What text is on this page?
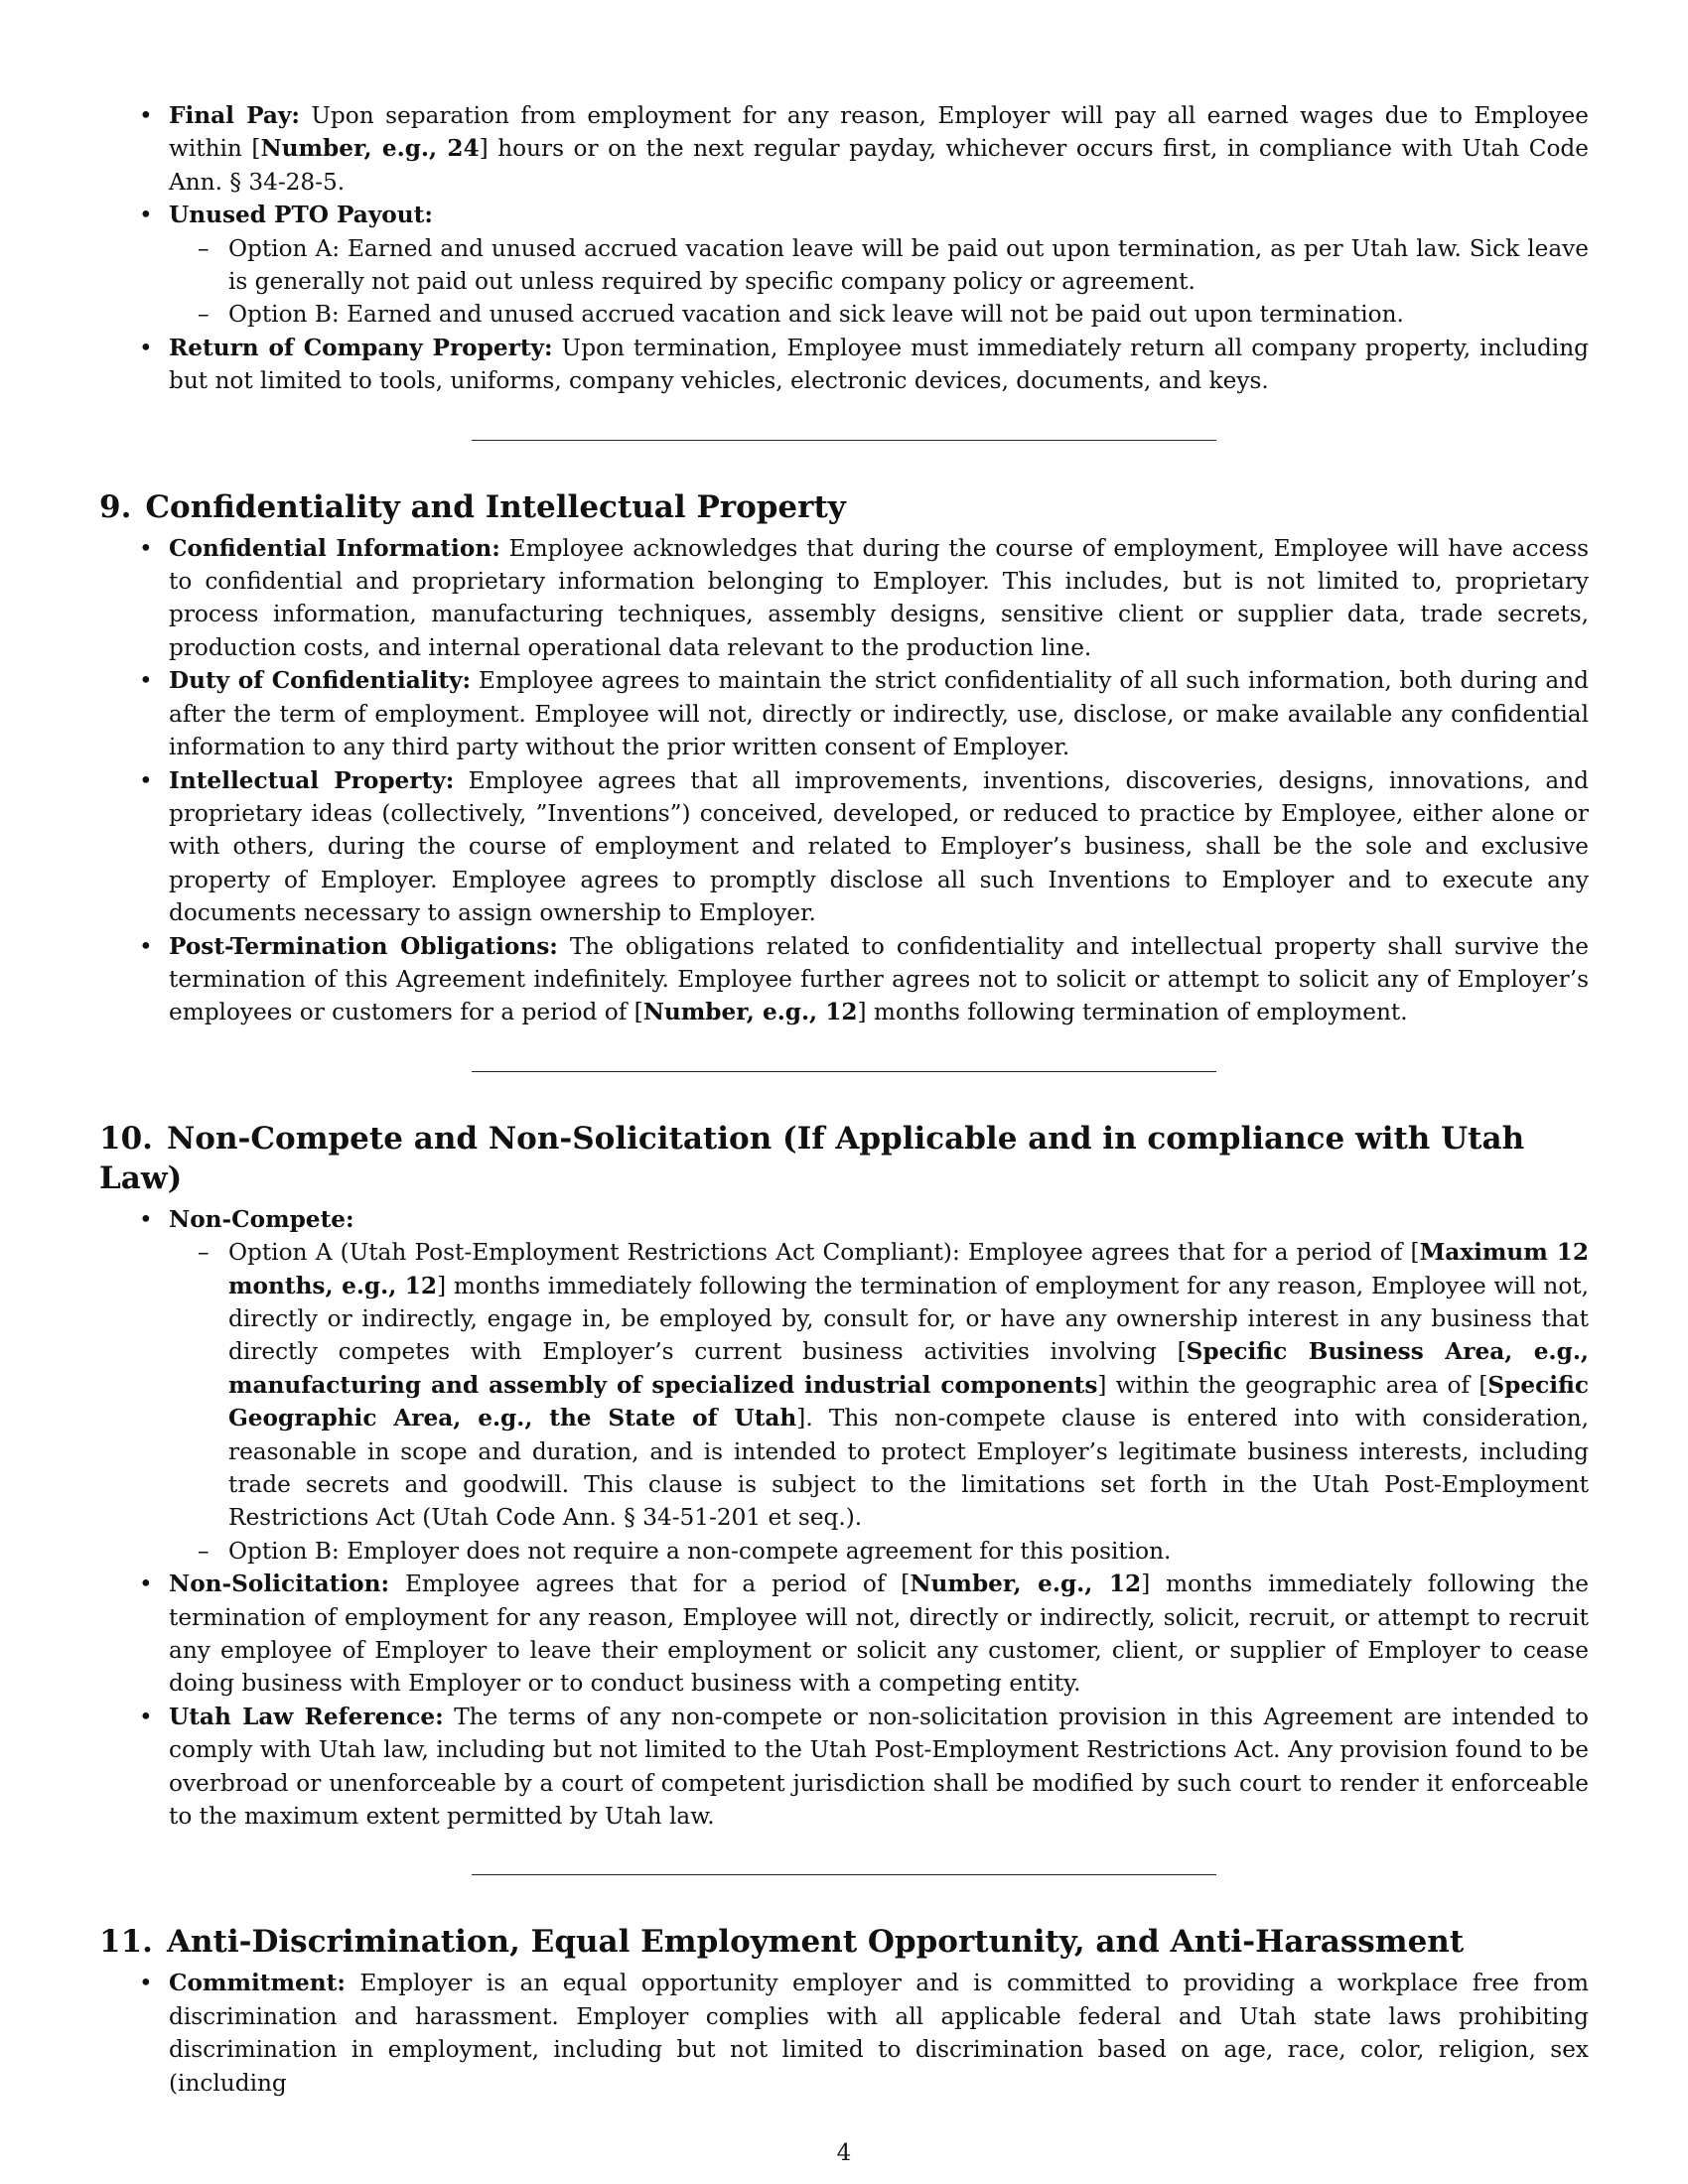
• Final Pay: Upon separation from employment for any reason, Employer will pay all earned wages due to Employee within [Number, e.g., 24] hours or on the next regular payday, whichever occurs first, in compliance with Utah Code Ann. § 34-28-5.
• Unused PTO Payout:
– Option A: Earned and unused accrued vacation leave will be paid out upon termination, as per Utah law. Sick leave is generally not paid out unless required by specific company policy or agreement.
– Option B: Earned and unused accrued vacation and sick leave will not be paid out upon termination.
• Return of Company Property: Upon termination, Employee must immediately return all company property, including but not limited to tools, uniforms, company vehicles, electronic devices, documents, and keys.
9. Confidentiality and Intellectual Property
• Confidential Information: Employee acknowledges that during the course of employment, Employee will have access to confidential and proprietary information belonging to Employer. This includes, but is not limited to, proprietary process information, manufacturing techniques, assembly designs, sensitive client or supplier data, trade secrets, production costs, and internal operational data relevant to the production line.
• Duty of Confidentiality: Employee agrees to maintain the strict confidentiality of all such information, both during and after the term of employment. Employee will not, directly or indirectly, use, disclose, or make available any confidential information to any third party without the prior written consent of Employer.
• Intellectual Property: Employee agrees that all improvements, inventions, discoveries, designs, innovations, and proprietary ideas (collectively, ”Inventions”) conceived, developed, or reduced to practice by Employee, either alone or with others, during the course of employment and related to Employer’s business, shall be the sole and exclusive property of Employer. Employee agrees to promptly disclose all such Inventions to Employer and to execute any documents necessary to assign ownership to Employer.
• Post-Termination Obligations: The obligations related to confidentiality and intellectual property shall survive the termination of this Agreement indefinitely. Employee further agrees not to solicit or attempt to solicit any of Employer’s employees or customers for a period of [Number, e.g., 12] months following termination of employment.
10. Non-Compete and Non-Solicitation (If Applicable and in compliance with Utah Law)
• Non-Compete:
– Option A (Utah Post-Employment Restrictions Act Compliant): Employee agrees that for a period of [Maximum 12 months, e.g., 12] months immediately following the termination of employment for any reason, Employee will not, directly or indirectly, engage in, be employed by, consult for, or have any ownership interest in any business that directly competes with Employer’s current business activities involving [Specific Business Area, e.g., manufacturing and assembly of specialized industrial components] within the geographic area of [Specific Geographic Area, e.g., the State of Utah]. This non-compete clause is entered into with consideration, reasonable in scope and duration, and is intended to protect Employer’s legitimate business interests, including trade secrets and goodwill. This clause is subject to the limitations set forth in the Utah Post-Employment Restrictions Act (Utah Code Ann. § 34-51-201 et seq.).
– Option B: Employer does not require a non-compete agreement for this position.
• Non-Solicitation: Employee agrees that for a period of [Number, e.g., 12] months immediately following the termination of employment for any reason, Employee will not, directly or indirectly, solicit, recruit, or attempt to recruit any employee of Employer to leave their employment or solicit any customer, client, or supplier of Employer to cease doing business with Employer or to conduct business with a competing entity.
• Utah Law Reference: The terms of any non-compete or non-solicitation provision in this Agreement are intended to comply with Utah law, including but not limited to the Utah Post-Employment Restrictions Act. Any provision found to be overbroad or unenforceable by a court of competent jurisdiction shall be modified by such court to render it enforceable to the maximum extent permitted by Utah law.
11. Anti-Discrimination, Equal Employment Opportunity, and Anti-Harassment
• Commitment: Employer is an equal opportunity employer and is committed to providing a workplace free from discrimination and harassment. Employer complies with all applicable federal and Utah state laws prohibiting discrimination in employment, including but not limited to discrimination based on age, race, color, religion, sex (including
4
